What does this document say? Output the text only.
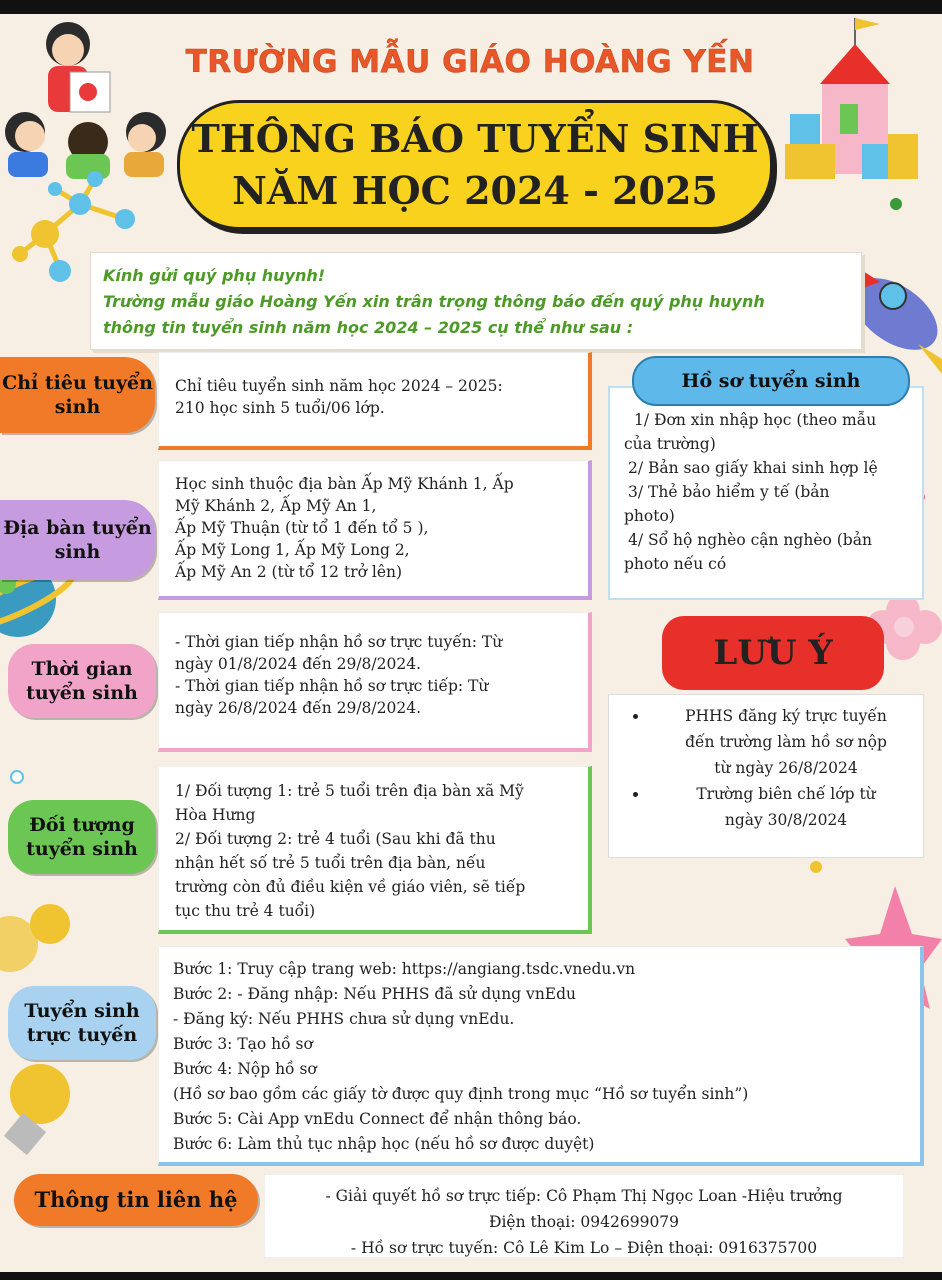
TRƯỜNG MẪU GIÁO HOÀNG YẾN
THÔNG BÁO TUYỂN SINH
NĂM HỌC 2024 - 2025
Kính gửi quý phụ huynh!
Trường mẫu giáo Hoàng Yến xin trân trọng thông báo đến quý phụ huynh
thông tin tuyển sinh năm học 2024 – 2025 cụ thể như sau :
Chỉ tiêu tuyển
sinh
Chỉ tiêu tuyển sinh năm học 2024 – 2025:
210 học sinh 5 tuổi/06 lớp.
Địa bàn tuyển
sinh
Học sinh thuộc địa bàn Ấp Mỹ Khánh 1, Ấp
Mỹ Khánh 2, Ấp Mỹ An 1,
Ấp Mỹ Thuận (từ tổ 1 đến tổ 5 ),
Ấp Mỹ Long 1, Ấp Mỹ Long 2,
Ấp Mỹ An 2 (từ tổ 12 trở lên)
Thời gian
tuyển sinh
- Thời gian tiếp nhận hồ sơ trực tuyến: Từ
ngày 01/8/2024 đến 29/8/2024.
- Thời gian tiếp nhận hồ sơ trực tiếp: Từ
ngày 26/8/2024 đến 29/8/2024.
Đối tượng
tuyển sinh
1/ Đối tượng 1: trẻ 5 tuổi trên địa bàn xã Mỹ
Hòa Hưng
2/ Đối tượng 2: trẻ 4 tuổi (Sau khi đã thu
nhận hết số trẻ 5 tuổi trên địa bàn, nếu
trường còn đủ điều kiện về giáo viên, sẽ tiếp
tục thu trẻ 4 tuổi)
Tuyển sinh
trực tuyến
Bước 1: Truy cập trang web: https://angiang.tsdc.vnedu.vn
Bước 2: - Đăng nhập: Nếu PHHS đã sử dụng vnEdu
- Đăng ký: Nếu PHHS chưa sử dụng vnEdu.
Bước 3: Tạo hồ sơ
Bước 4: Nộp hồ sơ
(Hồ sơ bao gồm các giấy tờ được quy định trong mục “Hồ sơ tuyển sinh”)
Bước 5: Cài App vnEdu Connect để nhận thông báo.
Bước 6: Làm thủ tục nhập học (nếu hồ sơ được duyệt)
Thông tin liên hệ	- Giải quyết hồ sơ trực tiếp: Cô Phạm Thị Ngọc Loan -Hiệu trưởng
Điện thoại: 0942699079
- Hồ sơ trực tuyến: Cô Lê Kim Lo – Điện thoại: 0916375700
1/ Đơn xin nhập học (theo mẫu
của trường)
2/ Bản sao giấy khai sinh hợp lệ
3/ Thẻ bảo hiểm y tế (bản
photo)
4/ Sổ hộ nghèo cận nghèo (bản
photo nếu có
Hồ sơ tuyển sinh
• PHHS đăng ký trực tuyến
đến trường làm hồ sơ nộp
từ ngày 26/8/2024
• Trường biên chế lớp từ
ngày 30/8/2024
LƯU Ý
